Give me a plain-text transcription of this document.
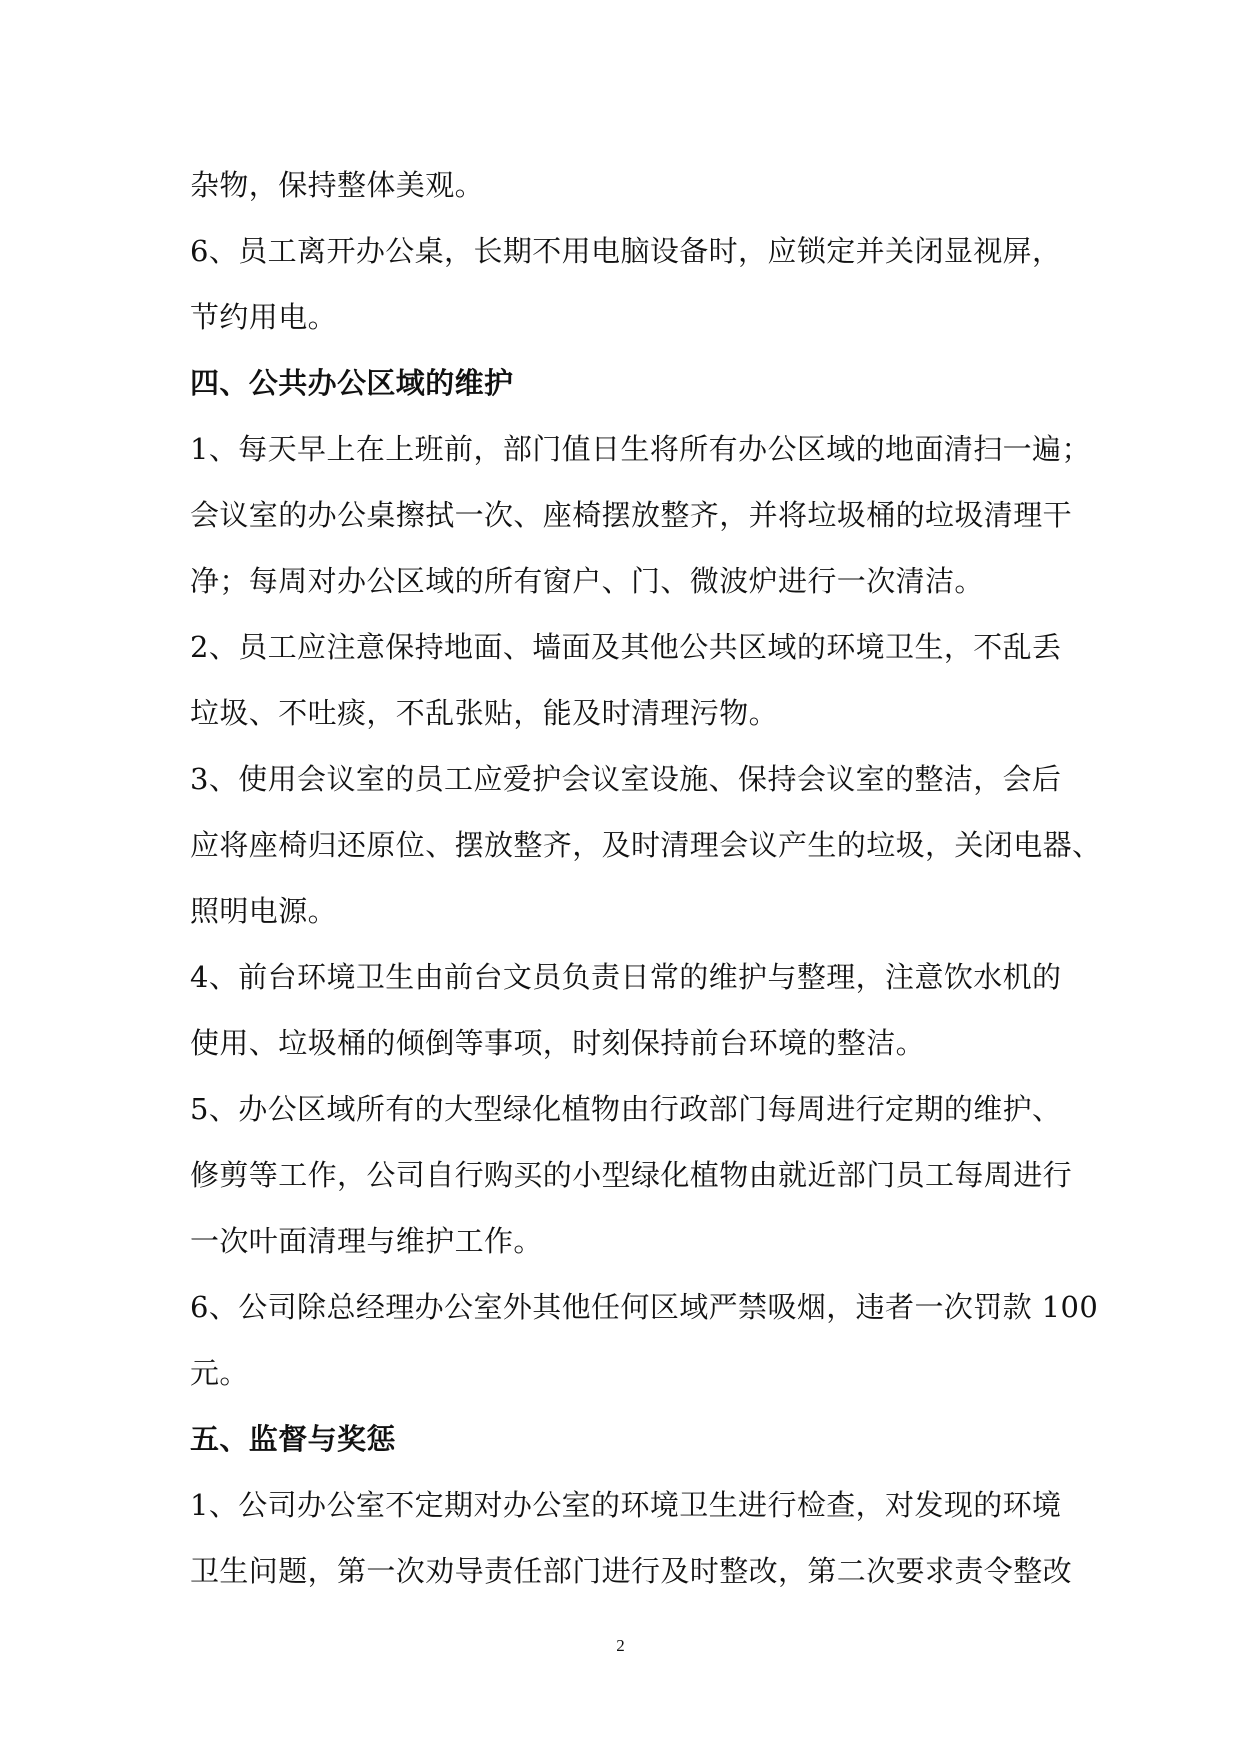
杂物，保持整体美观。
6、员工离开办公桌，长期不用电脑设备时，应锁定并关闭显视屏，
节约用电。
四、公共办公区域的维护
1、每天早上在上班前，部门值日生将所有办公区域的地面清扫一遍；
会议室的办公桌擦拭一次、座椅摆放整齐，并将垃圾桶的垃圾清理干
净；每周对办公区域的所有窗户、门、微波炉进行一次清洁。
2、员工应注意保持地面、墙面及其他公共区域的环境卫生，不乱丢
垃圾、不吐痰，不乱张贴，能及时清理污物。
3、使用会议室的员工应爱护会议室设施、保持会议室的整洁，会后
应将座椅归还原位、摆放整齐，及时清理会议产生的垃圾，关闭电器、
照明电源。
4、前台环境卫生由前台文员负责日常的维护与整理，注意饮水机的
使用、垃圾桶的倾倒等事项，时刻保持前台环境的整洁。
5、办公区域所有的大型绿化植物由行政部门每周进行定期的维护、
修剪等工作，公司自行购买的小型绿化植物由就近部门员工每周进行
一次叶面清理与维护工作。
6、公司除总经理办公室外其他任何区域严禁吸烟，违者一次罚款 100
元。
五、监督与奖惩
1、公司办公室不定期对办公室的环境卫生进行检查，对发现的环境
卫生问题，第一次劝导责任部门进行及时整改，第二次要求责令整改
2
